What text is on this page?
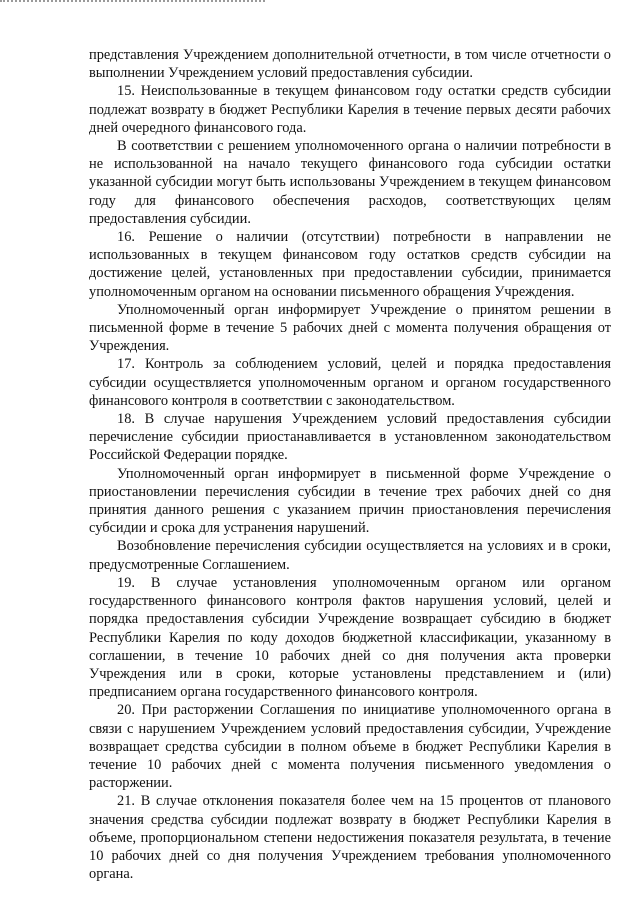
представления Учреждением дополнительной отчетности, в том числе отчетности о выполнении Учреждением условий предоставления субсидии.

15. Неиспользованные в текущем финансовом году остатки средств субсидии подлежат возврату в бюджет Республики Карелия в течение первых десяти рабочих дней очередного финансового года.

В соответствии с решением уполномоченного органа о наличии потребности в не использованной на начало текущего финансового года субсидии остатки указанной субсидии могут быть использованы Учреждением в текущем финансовом году для финансового обеспечения расходов, соответствующих целям предоставления субсидии.

16. Решение о наличии (отсутствии) потребности в направлении не использованных в текущем финансовом году остатков средств субсидии на достижение целей, установленных при предоставлении субсидии, принимается уполномоченным органом на основании письменного обращения Учреждения.

Уполномоченный орган информирует Учреждение о принятом решении в письменной форме в течение 5 рабочих дней с момента получения обращения от Учреждения.

17. Контроль за соблюдением условий, целей и порядка предоставления субсидии осуществляется уполномоченным органом и органом государственного финансового контроля в соответствии с законодательством.

18. В случае нарушения Учреждением условий предоставления субсидии перечисление субсидии приостанавливается в установленном законодательством Российской Федерации порядке.

Уполномоченный орган информирует в письменной форме Учреждение о приостановлении перечисления субсидии в течение трех рабочих дней со дня принятия данного решения с указанием причин приостановления перечисления субсидии и срока для устранения нарушений.

Возобновление перечисления субсидии осуществляется на условиях и в сроки, предусмотренные Соглашением.

19. В случае установления уполномоченным органом или органом государственного финансового контроля фактов нарушения условий, целей и порядка предоставления субсидии Учреждение возвращает субсидию в бюджет Республики Карелия по коду доходов бюджетной классификации, указанному в соглашении, в течение 10 рабочих дней со дня получения акта проверки Учреждения или в сроки, которые установлены представлением и (или) предписанием органа государственного финансового контроля.

20. При расторжении Соглашения по инициативе уполномоченного органа в связи с нарушением Учреждением условий предоставления субсидии, Учреждение возвращает средства субсидии в полном объеме в бюджет Республики Карелия в течение 10 рабочих дней с момента получения письменного уведомления о расторжении.

21. В случае отклонения показателя более чем на 15 процентов от планового значения средства субсидии подлежат возврату в бюджет Республики Карелия в объеме, пропорциональном степени недостижения показателя результата, в течение 10 рабочих дней со дня получения Учреждением требования уполномоченного органа.
